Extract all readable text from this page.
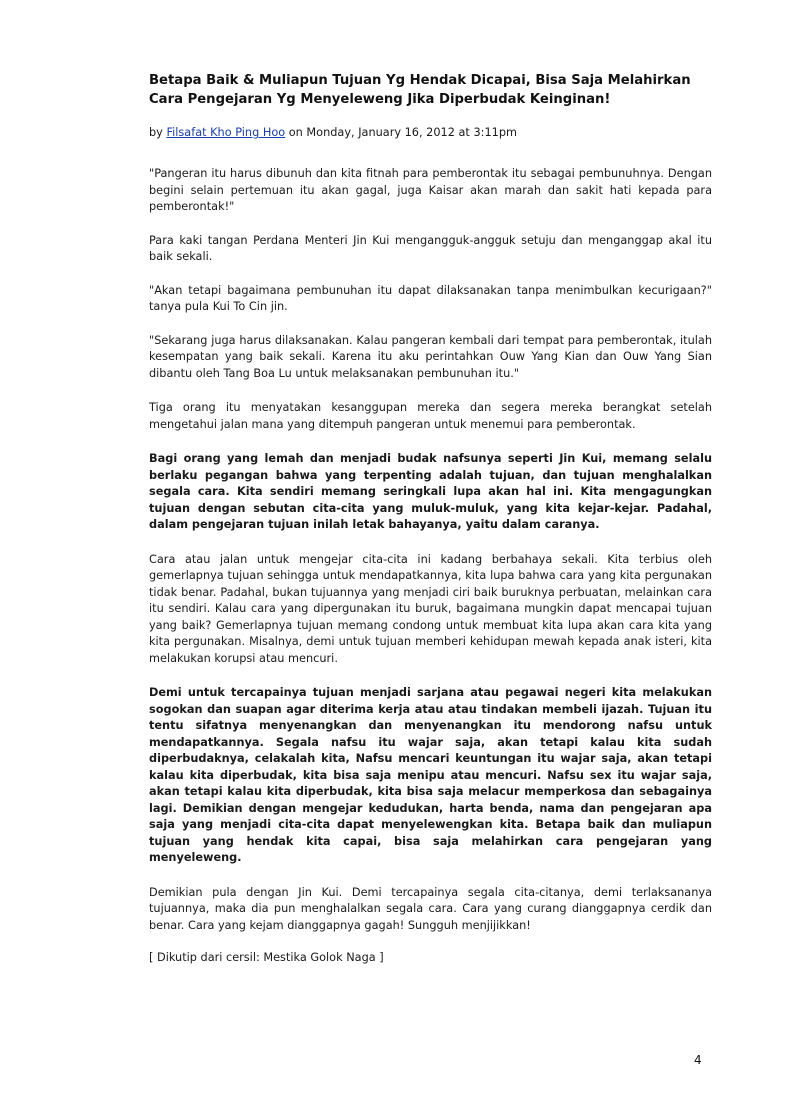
Betapa Baik & Muliapun Tujuan Yg Hendak Dicapai, Bisa Saja Melahirkan Cara Pengejaran Yg Menyeleweng Jika Diperbudak Keinginan!
by Filsafat Kho Ping Hoo on Monday, January 16, 2012 at 3:11pm

"Pangeran itu harus dibunuh dan kita fitnah para pemberontak itu sebagai pembunuhnya. Dengan begini selain pertemuan itu akan gagal, juga Kaisar akan marah dan sakit hati kepada para pemberontak!"

Para kaki tangan Perdana Menteri Jin Kui mengangguk-angguk setuju dan menganggap akal itu baik sekali.

"Akan tetapi bagaimana pembunuhan itu dapat dilaksanakan tanpa menimbulkan kecurigaan?" tanya pula Kui To Cin jin.

"Sekarang juga harus dilaksanakan. Kalau pangeran kembali dari tempat para pemberontak, itulah kesempatan yang baik sekali. Karena itu aku perintahkan Ouw Yang Kian dan Ouw Yang Sian dibantu oleh Tang Boa Lu untuk melaksanakan pembunuhan itu."

Tiga orang itu menyatakan kesanggupan mereka dan segera mereka berangkat setelah mengetahui jalan mana yang ditempuh pangeran untuk menemui para pemberontak.

Bagi orang yang lemah dan menjadi budak nafsunya seperti Jin Kui, memang selalu berlaku pegangan bahwa yang terpenting adalah tujuan, dan tujuan menghalalkan segala cara. Kita sendiri memang seringkali lupa akan hal ini. Kita mengagungkan tujuan dengan sebutan cita-cita yang muluk-muluk, yang kita kejar-kejar. Padahal, dalam pengejaran tujuan inilah letak bahayanya, yaitu dalam caranya.

Cara atau jalan untuk mengejar cita-cita ini kadang berbahaya sekali. Kita terbius oleh gemerlapnya tujuan sehingga untuk mendapatkannya, kita lupa bahwa cara yang kita pergunakan tidak benar. Padahal, bukan tujuannya yang menjadi ciri baik buruknya perbuatan, melainkan cara itu sendiri. Kalau cara yang dipergunakan itu buruk, bagaimana mungkin dapat mencapai tujuan yang baik? Gemerlapnya tujuan memang condong untuk membuat kita lupa akan cara kita yang kita pergunakan. Misalnya, demi untuk tujuan memberi kehidupan mewah kepada anak isteri, kita melakukan korupsi atau mencuri.

Demi untuk tercapainya tujuan menjadi sarjana atau pegawai negeri kita melakukan sogokan dan suapan agar diterima kerja atau atau tindakan membeli ijazah. Tujuan itu tentu sifatnya menyenangkan dan menyenangkan itu mendorong nafsu untuk mendapatkannya. Segala nafsu itu wajar saja, akan tetapi kalau kita sudah diperbudaknya, celakalah kita, Nafsu mencari keuntungan itu wajar saja, akan tetapi kalau kita diperbudak, kita bisa saja menipu atau mencuri. Nafsu sex itu wajar saja, akan tetapi kalau kita diperbudak, kita bisa saja melacur memperkosa dan sebagainya lagi. Demikian dengan mengejar kedudukan, harta benda, nama dan pengejaran apa saja yang menjadi cita-cita dapat menyelewengkan kita. Betapa baik dan muliapun tujuan yang hendak kita capai, bisa saja melahirkan cara pengejaran yang menyeleweng.

Demikian pula dengan Jin Kui. Demi tercapainya segala cita-citanya, demi terlaksananya tujuannya, maka dia pun menghalalkan segala cara. Cara yang curang dianggapnya cerdik dan benar. Cara yang kejam dianggapnya gagah! Sungguh menjijikkan!

[ Dikutip dari cersil: Mestika Golok Naga ]

4
